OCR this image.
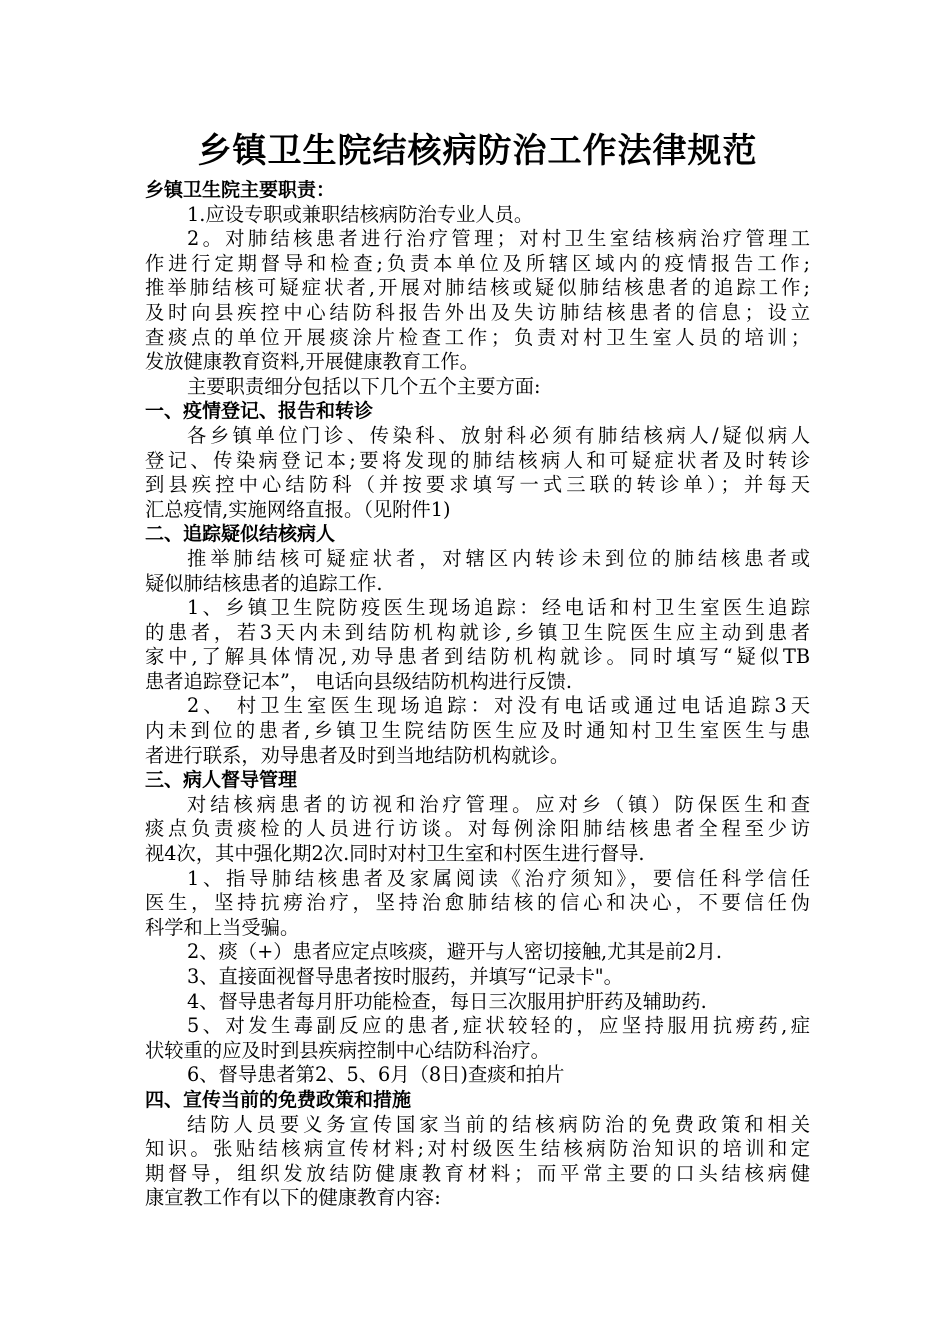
乡镇卫生院结核病防治工作法律规范
乡镇卫生院主要职责：
1.应设专职或兼职结核病防治专业人员。
2。对肺结核患者进行治疗管理；对村卫生室结核病治疗管理工
作进行定期督导和检查;负责本单位及所辖区域内的疫情报告工作;
推举肺结核可疑症状者,开展对肺结核或疑似肺结核患者的追踪工作;
及时向县疾控中心结防科报告外出及失访肺结核患者的信息；设立
查痰点的单位开展痰涂片检查工作；负责对村卫生室人员的培训；
发放健康教育资料,开展健康教育工作。
主要职责细分包括以下几个五个主要方面:
一、疫情登记、报告和转诊
各乡镇单位门诊、传染科、放射科必须有肺结核病人/疑似病人
登记、传染病登记本;要将发现的肺结核病人和可疑症状者及时转诊
到县疾控中心结防科（并按要求填写一式三联的转诊单）；并每天
汇总疫情,实施网络直报。（见附件1)
二、追踪疑似结核病人
推举肺结核可疑症状者，对辖区内转诊未到位的肺结核患者或
疑似肺结核患者的追踪工作.
1、乡镇卫生院防疫医生现场追踪：经电话和村卫生室医生追踪
的患者，若3天内未到结防机构就诊,乡镇卫生院医生应主动到患者
家中,了解具体情况,劝导患者到结防机构就诊。同时填写“疑似TB
患者追踪登记本”， 电话向县级结防机构进行反馈.
2、 村卫生室医生现场追踪：对没有电话或通过电话追踪3天
内未到位的患者,乡镇卫生院结防医生应及时通知村卫生室医生与患
者进行联系，劝导患者及时到当地结防机构就诊。
三、病人督导管理
对结核病患者的访视和治疗管理。应对乡（镇）防保医生和查
痰点负责痰检的人员进行访谈。对每例涂阳肺结核患者全程至少访
视4次，其中强化期2次.同时对村卫生室和村医生进行督导.
1、指导肺结核患者及家属阅读《治疗须知》，要信任科学信任
医生，坚持抗痨治疗，坚持治愈肺结核的信心和决心，不要信任伪
科学和上当受骗。
2、痰（+）患者应定点咳痰，避开与人密切接触,尤其是前2月.
3、直接面视督导患者按时服药，并填写“记录卡"。
4、督导患者每月肝功能检查，每日三次服用护肝药及辅助药.
5、对发生毒副反应的患者,症状较轻的，应坚持服用抗痨药,症
状较重的应及时到县疾病控制中心结防科治疗。
6、督导患者第2、5、6月（8日)查痰和拍片
四、宣传当前的免费政策和措施
结防人员要义务宣传国家当前的结核病防治的免费政策和相关
知识。张贴结核病宣传材料;对村级医生结核病防治知识的培训和定
期督导，组织发放结防健康教育材料；而平常主要的口头结核病健
康宣教工作有以下的健康教育内容:
